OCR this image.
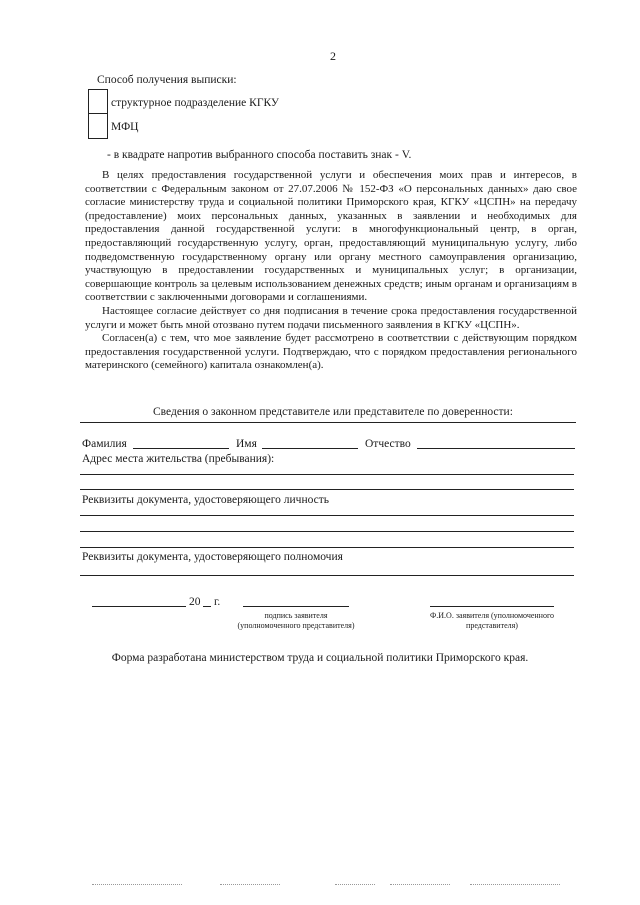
2
Способ получения выписки:
структурное подразделение КГКУ
МФЦ
- в квадрате напротив выбранного способа поставить знак - V.

В целях предоставления государственной услуги и обеспечения моих прав и интересов, в соответствии с Федеральным законом от 27.07.2006 № 152-ФЗ «О персональных данных» даю свое согласие министерству труда и социальной политики Приморского края, КГКУ «ЦСПН» на передачу (предоставление) моих персональных данных, указанных в заявлении и необходимых для предоставления данной государственной услуги: в многофункциональный центр, в орган, предоставляющий государственную услугу, орган, предоставляющий муниципальную услугу, либо подведомственную государственному органу или органу местного самоуправления организацию, участвующую в предоставлении государственных и муниципальных услуг; в организации, совершающие контроль за целевым использованием денежных средств; иным органам и организациям в соответствии с заключенными договорами и соглашениями.

Настоящее согласие действует со дня подписания в течение срока предоставления государственной услуги и может быть мной отозвано путем подачи письменного заявления в КГКУ «ЦСПН».

Согласен(а) с тем, что мое заявление будет рассмотрено в соответствии с действующим порядком предоставления государственной услуги. Подтверждаю, что с порядком предоставления регионального материнского (семейного) капитала ознакомлен(а).

Сведения о законном представителе или представителе по доверенности:
Фамилия	Имя	Отчество
Адрес места жительства (пребывания):
Реквизиты документа, удостоверяющего личность
Реквизиты документа, удостоверяющего полномочия
20 г.
подпись заявителя (уполномоченного представителя)
Ф.И.О. заявителя (уполномоченного представителя)
Форма разработана министерством труда и социальной политики Приморского края.
